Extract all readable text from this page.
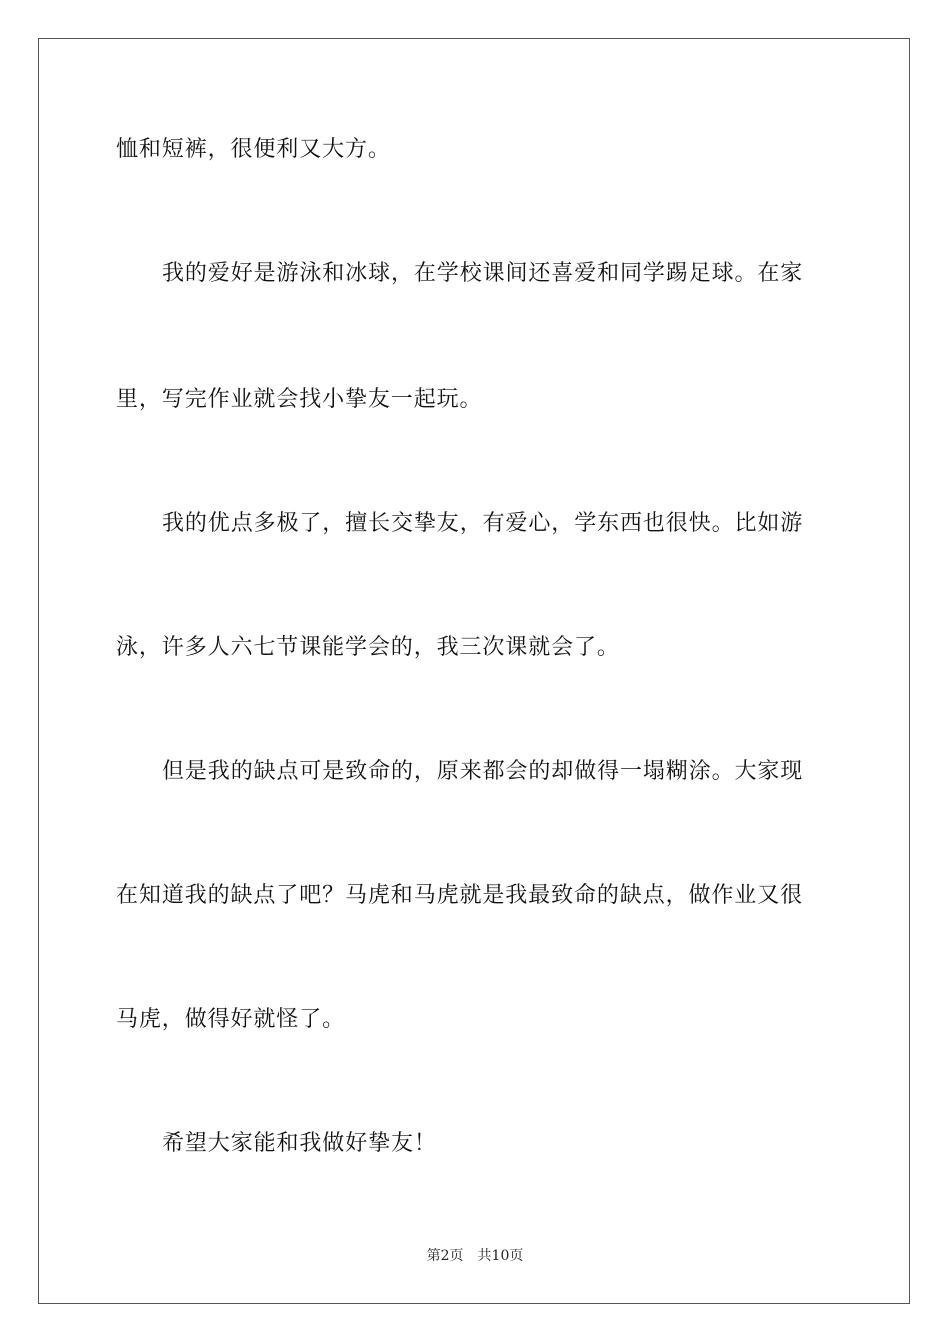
恤和短裤，很便利又大方。
我的爱好是游泳和冰球，在学校课间还喜爱和同学踢足球。在家
里，写完作业就会找小挚友一起玩。
我的优点多极了，擅长交挚友，有爱心，学东西也很快。比如游
泳，许多人六七节课能学会的，我三次课就会了。
但是我的缺点可是致命的，原来都会的却做得一塌糊涂。大家现
在知道我的缺点了吧？马虎和马虎就是我最致命的缺点，做作业又很
马虎，做得好就怪了。
希望大家能和我做好挚友！
第2页 共10页
